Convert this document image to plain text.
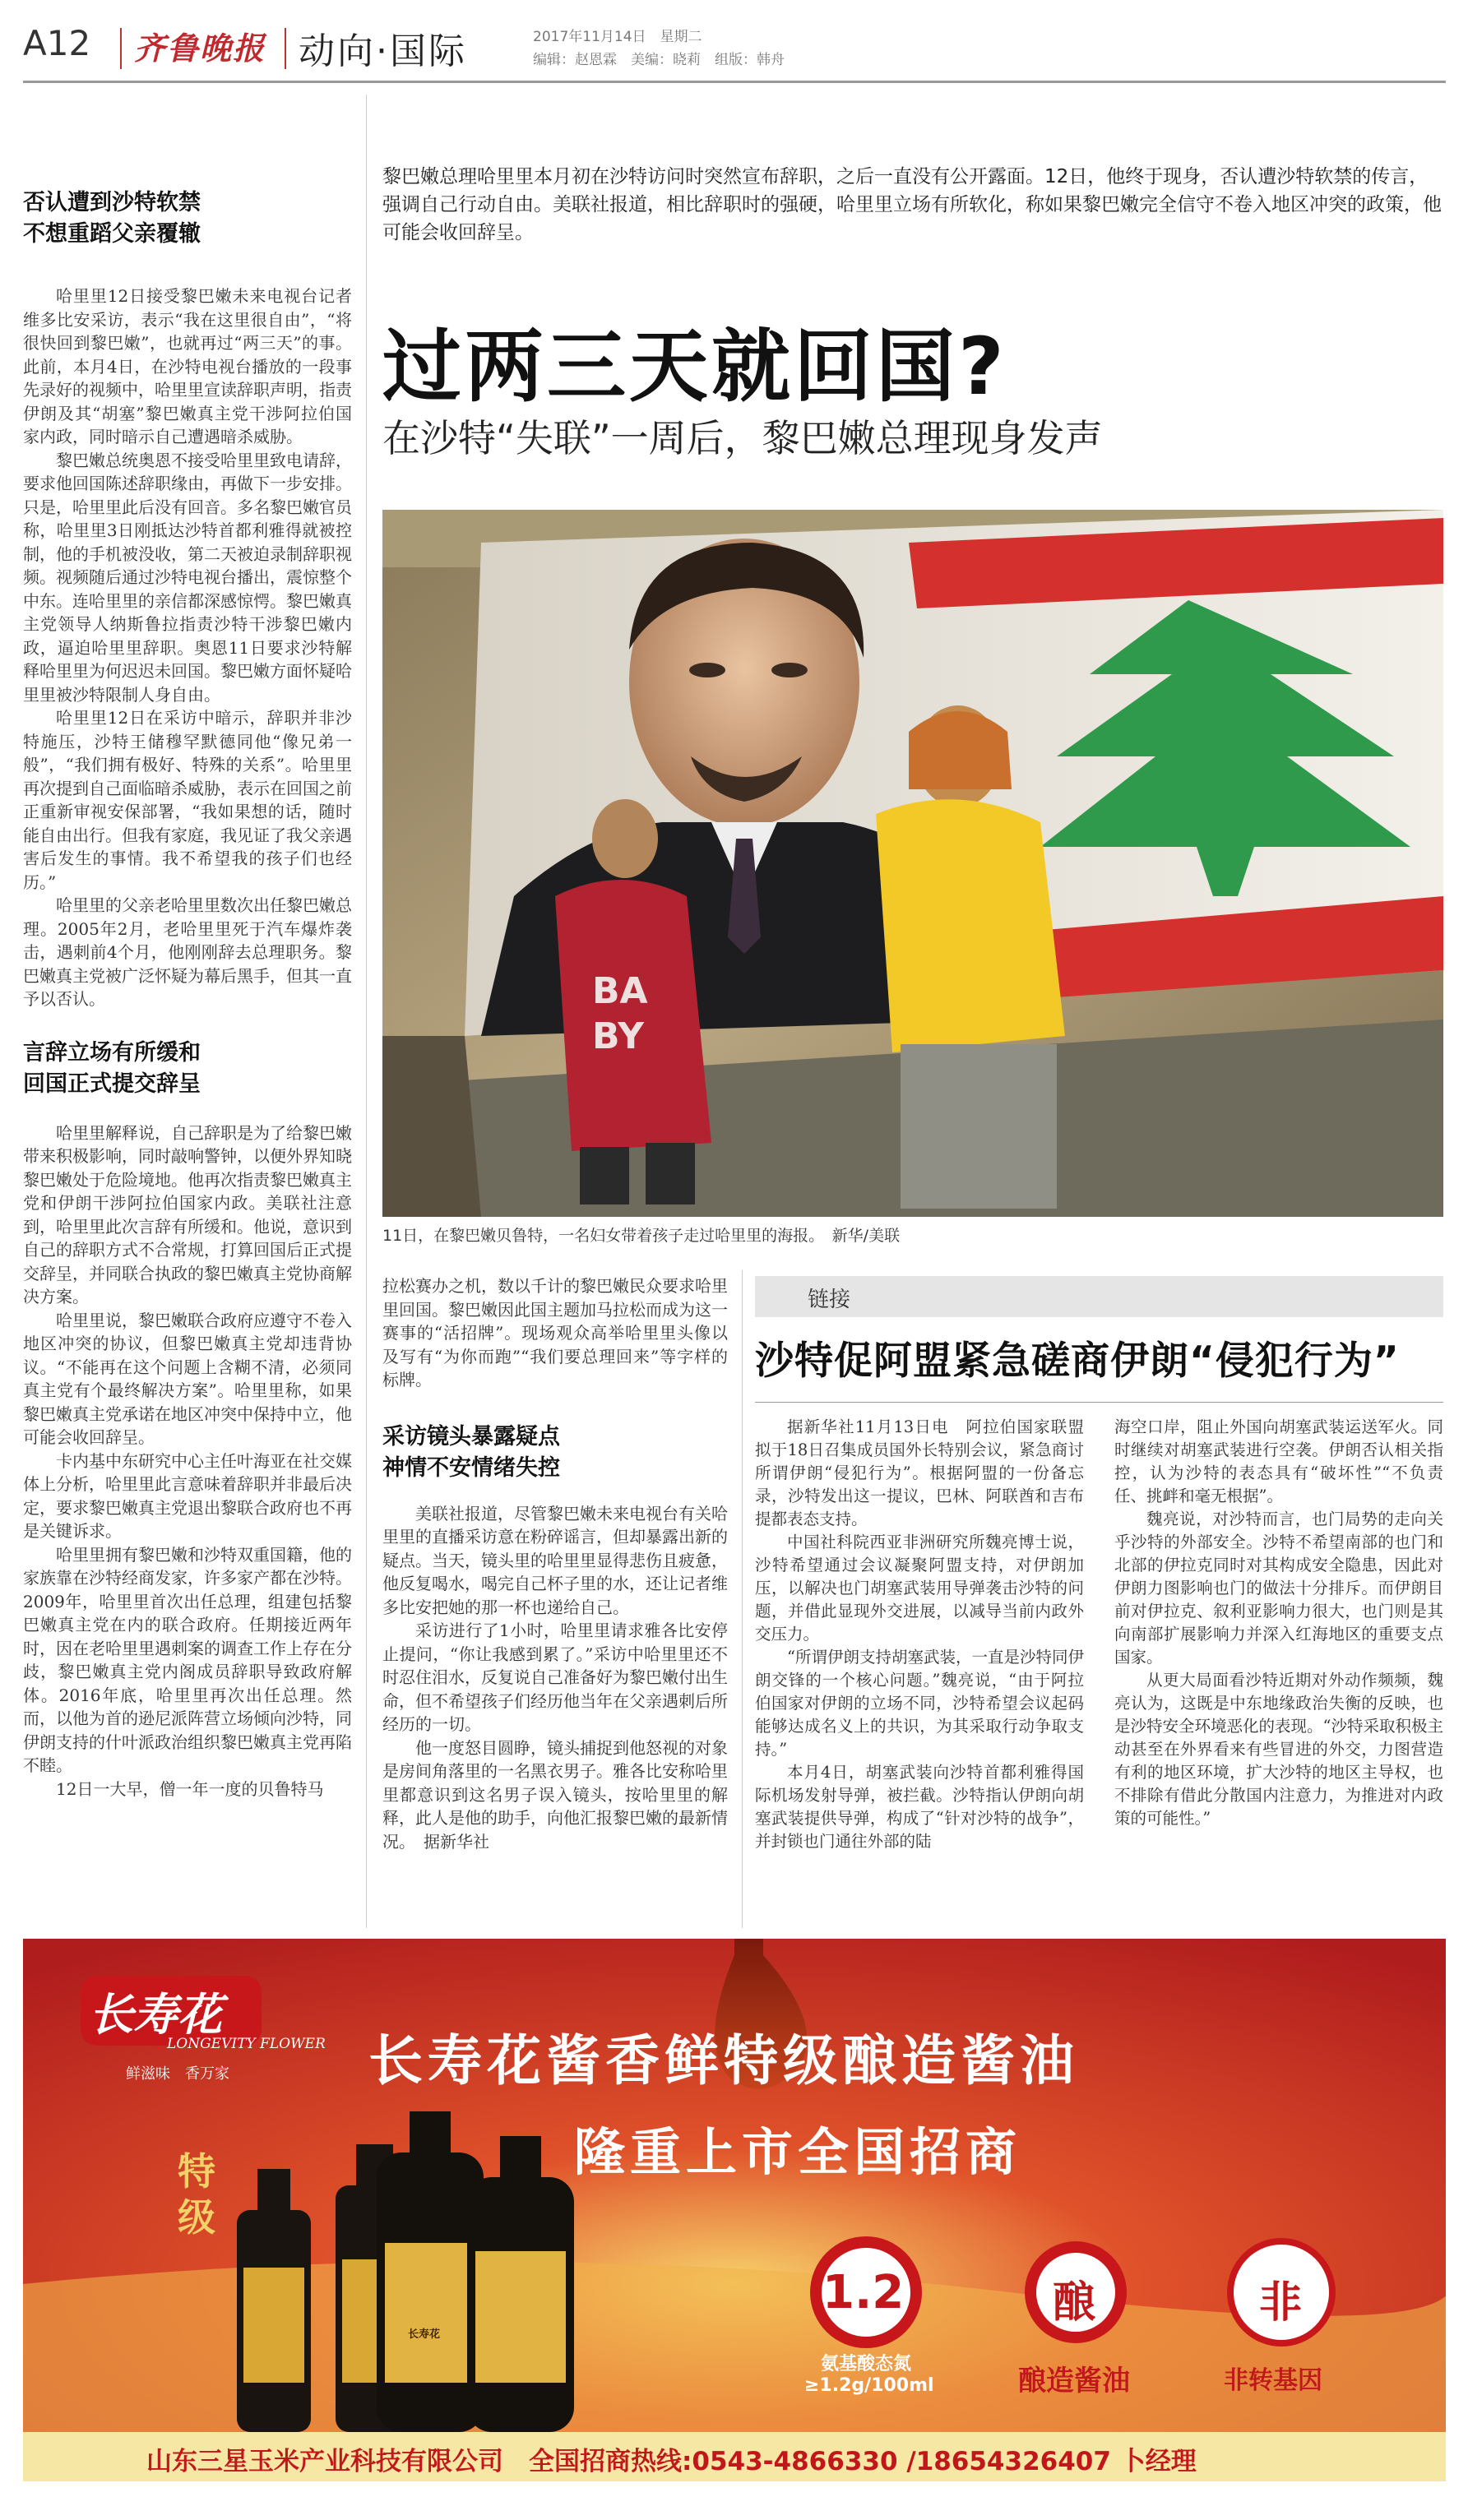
A12 齐鲁晚报 动向·国际	2017年11月14日　星期二
编辑：赵恩霖　美编：晓莉　组版：韩舟
否认遭到沙特软禁
不想重蹈父亲覆辙

哈里里12日接受黎巴嫩未来电视台记者维多比安采访，表示“我在这里很自由”，“将很快回到黎巴嫩”，也就再过“两三天”的事。此前，本月4日，在沙特电视台播放的一段事先录好的视频中，哈里里宣读辞职声明，指责伊朗及其“胡塞”黎巴嫩真主党干涉阿拉伯国家内政，同时暗示自己遭遇暗杀威胁。

黎巴嫩总统奥恩不接受哈里里致电请辞，要求他回国陈述辞职缘由，再做下一步安排。只是，哈里里此后没有回音。多名黎巴嫩官员称，哈里里3日刚抵达沙特首都利雅得就被控制，他的手机被没收，第二天被迫录制辞职视频。视频随后通过沙特电视台播出，震惊整个中东。连哈里里的亲信都深感惊愕。黎巴嫩真主党领导人纳斯鲁拉指责沙特干涉黎巴嫩内政，逼迫哈里里辞职。奥恩11日要求沙特解释哈里里为何迟迟未回国。黎巴嫩方面怀疑哈里里被沙特限制人身自由。

哈里里12日在采访中暗示，辞职并非沙特施压，沙特王储穆罕默德同他“像兄弟一般”，“我们拥有极好、特殊的关系”。哈里里再次提到自己面临暗杀威胁，表示在回国之前正重新审视安保部署，“我如果想的话，随时能自由出行。但我有家庭，我见证了我父亲遇害后发生的事情。我不希望我的孩子们也经历。”

哈里里的父亲老哈里里数次出任黎巴嫩总理。2005年2月，老哈里里死于汽车爆炸袭击，遇刺前4个月，他刚刚辞去总理职务。黎巴嫩真主党被广泛怀疑为幕后黑手，但其一直予以否认。

言辞立场有所缓和
回国正式提交辞呈

哈里里解释说，自己辞职是为了给黎巴嫩带来积极影响，同时敲响警钟，以便外界知晓黎巴嫩处于危险境地。他再次指责黎巴嫩真主党和伊朗干涉阿拉伯国家内政。美联社注意到，哈里里此次言辞有所缓和。他说，意识到自己的辞职方式不合常规，打算回国后正式提交辞呈，并同联合执政的黎巴嫩真主党协商解决方案。

哈里里说，黎巴嫩联合政府应遵守不卷入地区冲突的协议，但黎巴嫩真主党却违背协议。“不能再在这个问题上含糊不清，必须同真主党有个最终解决方案”。哈里里称，如果黎巴嫩真主党承诺在地区冲突中保持中立，他可能会收回辞呈。

卡内基中东研究中心主任叶海亚在社交媒体上分析，哈里里此言意味着辞职并非最后决定，要求黎巴嫩真主党退出黎联合政府也不再是关键诉求。

哈里里拥有黎巴嫩和沙特双重国籍，他的家族靠在沙特经商发家，许多家产都在沙特。2009年，哈里里首次出任总理，组建包括黎巴嫩真主党在内的联合政府。任期接近两年时，因在老哈里里遇刺案的调查工作上存在分歧，黎巴嫩真主党内阁成员辞职导致政府解体。2016年底，哈里里再次出任总理。然而，以他为首的逊尼派阵营立场倾向沙特，同伊朗支持的什叶派政治组织黎巴嫩真主党再陷不睦。

12日一大早，僧一年一度的贝鲁特马

黎巴嫩总理哈里里本月初在沙特访问时突然宣布辞职，之后一直没有公开露面。12日，他终于现身，否认遭沙特软禁的传言，强调自己行动自由。美联社报道，相比辞职时的强硬，哈里里立场有所软化，称如果黎巴嫩完全信守不卷入地区冲突的政策，他可能会收回辞呈。
过两三天就回国?
在沙特“失联”一周后，黎巴嫩总理现身发声
BA
BY
11日，在黎巴嫩贝鲁特，一名妇女带着孩子走过哈里里的海报。　新华/美联

拉松赛办之机，数以千计的黎巴嫩民众要求哈里里回国。黎巴嫩因此国主题加马拉松而成为这一赛事的“活招牌”。现场观众高举哈里里头像以及写有“为你而跑”“我们要总理回来”等字样的标牌。

采访镜头暴露疑点
神情不安情绪失控

美联社报道，尽管黎巴嫩未来电视台有关哈里里的直播采访意在粉碎谣言，但却暴露出新的疑点。当天，镜头里的哈里里显得悲伤且疲惫，他反复喝水，喝完自己杯子里的水，还让记者维多比安把她的那一杯也递给自己。

采访进行了1小时，哈里里请求雅各比安停止提问，“你让我感到累了。”采访中哈里里还不时忍住泪水，反复说自己准备好为黎巴嫩付出生命，但不希望孩子们经历他当年在父亲遇刺后所经历的一切。

他一度怒目圆睁，镜头捕捉到他怒视的对象是房间角落里的一名黑衣男子。雅各比安称哈里里都意识到这名男子误入镜头，按哈里里的解释，此人是他的助手，向他汇报黎巴嫩的最新情况。　据新华社

链接
沙特促阿盟紧急磋商伊朗“侵犯行为”

据新华社11月13日电　阿拉伯国家联盟拟于18日召集成员国外长特别会议，紧急商讨所谓伊朗“侵犯行为”。根据阿盟的一份备忘录，沙特发出这一提议，巴林、阿联酋和吉布提都表态支持。

中国社科院西亚非洲研究所魏亮博士说，沙特希望通过会议凝聚阿盟支持，对伊朗加压，以解决也门胡塞武装用导弹袭击沙特的问题，并借此显现外交进展，以减导当前内政外交压力。

“所谓伊朗支持胡塞武装，一直是沙特同伊朗交锋的一个核心问题。”魏亮说，“由于阿拉伯国家对伊朗的立场不同，沙特希望会议起码能够达成名义上的共识，为其采取行动争取支持。”

本月4日，胡塞武装向沙特首都利雅得国际机场发射导弹，被拦截。沙特指认伊朗向胡塞武装提供导弹，构成了“针对沙特的战争”，并封锁也门通往外部的陆

海空口岸，阻止外国向胡塞武装运送军火。同时继续对胡塞武装进行空袭。伊朗否认相关指控，认为沙特的表态具有“破坏性”“不负责任、挑衅和毫无根据”。

魏亮说，对沙特而言，也门局势的走向关乎沙特的外部安全。沙特不希望南部的也门和北部的伊拉克同时对其构成安全隐患，因此对伊朗力图影响也门的做法十分排斥。而伊朗目前对伊拉克、叙利亚影响力很大，也门则是其向南部扩展影响力并深入红海地区的重要支点国家。

从更大局面看沙特近期对外动作频频，魏亮认为，这既是中东地缘政治失衡的反映，也是沙特安全环境恶化的表现。“沙特采取积极主动甚至在外界看来有些冒进的外交，力图营造有利的地区环境，扩大沙特的地区主导权，也不排除有借此分散国内注意力，为推进对内政策的可能性。”

长寿花
LONGEVITY FLOWER
鲜滋味　香万家	长寿花酱香鲜特级酿造酱油
隆重上市全国招商
特级
长寿花
1.2
氨基酸态氮
≥1.2g/100ml
酿
酿造酱油
非
非转基因
山东三星玉米产业科技有限公司　全国招商热线:0543-4866330 /18654326407 卜经理
